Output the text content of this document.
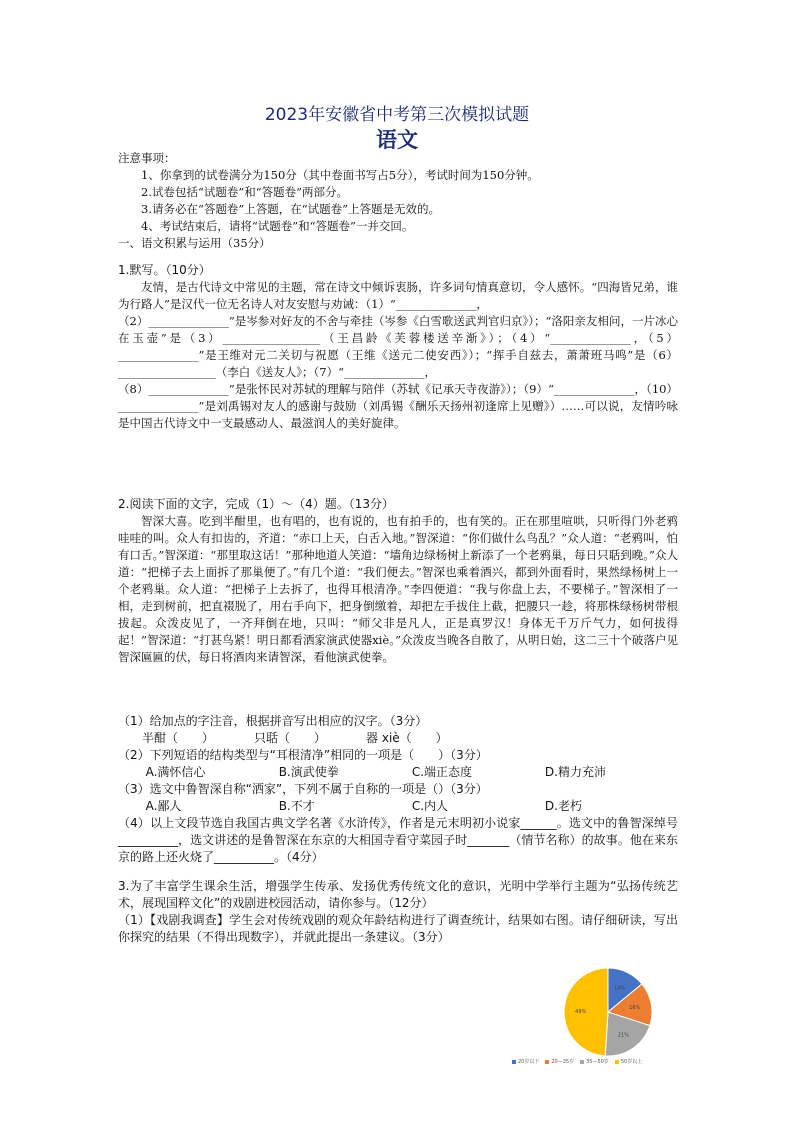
2023年安徽省中考第三次模拟试题
语文

注意事项：

1、你拿到的试卷满分为150分（其中卷面书写占5分），考试时间为150分钟。

2.试卷包括“试题卷”和“答题卷”两部分。

3.请务必在“答题卷”上答题，在“试题卷”上答题是无效的。

4、考试结束后，请将“试题卷”和“答题卷”一并交回。

一、语文积累与运用（35分）

1.默写。（10分）

友情，是古代诗文中常见的主题，常在诗文中倾诉衷肠，许多词句情真意切，令人感怀。“四海皆兄弟，谁为行路人”是汉代一位无名诗人对友安慰与劝诫：（1）“______________，

（2）______________”是岑参对好友的不舍与牵挂（岑参《白雪歌送武判官归京》）；“洛阳亲友相问，一片冰心在玉壶”是（3）_________________（王昌龄《芙蓉楼送辛渐》）；（4）“______________，（5）______________”是王维对元二关切与祝愿（王维《送元二使安西》）；“挥手自兹去，萧萧班马鸣”是（6）_________________（李白《送友人》；（7）“______________，

（8）______________”是张怀民对苏轼的理解与陪伴（苏轼《记承天寺夜游》）；（9）“______________，（10）______________”是刘禹锡对友人的感谢与鼓励（刘禹锡《酬乐天扬州初逢席上见赠》）……可以说，友情吟咏是中国古代诗文中一支最感动人、最滋润人的美好旋律。

2.阅读下面的文字，完成（1）～（4）题。（13分）

智深大喜。吃到半酣里，也有唱的，也有说的，也有拍手的，也有笑的。正在那里喧哄，只听得门外老鸦哇哇的叫。众人有扣齿的，齐道：“赤口上天，白舌入地。”智深道：“你们做什么鸟乱？”众人道：“老鸦叫，怕有口舌。”智深道：“那里取这话！”那种地道人笑道：“墙角边绿杨树上新添了一个老鸦巢，每日只聒到晚。”众人道：“把梯子去上面拆了那巢便了。”有几个道：“我们便去。”智深也乘着酒兴，都到外面看时，果然绿杨树上一个老鸦巢。众人道：“把梯子上去拆了，也得耳根清净。”李四便道：“我与你盘上去，不要梯子。”智深相了一相，走到树前，把直裰脱了，用右手向下，把身倒缴着，却把左手拔住上截，把腰只一趁，将那株绿杨树带根拔起。众泼皮见了，一齐拜倒在地，只叫：“师父非是凡人，正是真罗汉！身体无千万斤气力，如何拔得起！”智深道：“打甚鸟紧！明日都看洒家演武使器xiè。”众泼皮当晚各自散了，从明日始，这二三十个破落户见智深匾匾的伏，每日将酒肉来请智深，看他演武使拳。

（1）给加点的字注音，根据拼音写出相应的汉字。（3分）

半酣（　　）	只聒（　　）	器 xiè（　　）

（2）下列短语的结构类型与“耳根清净”相同的一项是（　　）（3分）

A.满怀信心	B.演武使拳	C.端正态度	D.精力充沛

（3）选文中鲁智深自称“洒家”，下列不属于自称的一项是（）（3分）

A.鄙人	B.不才	C.内人	D.老朽

（4）以上文段节选自我国古典文学名著《水浒传》，作者是元末明初小说家______。选文中的鲁智深绰号__________，选文讲述的是鲁智深在东京的大相国寺看守菜园子时_______（情节名称）的故事。他在来东京的路上还火烧了__________。（4分）

3.为了丰富学生课余生活，增强学生传承、发扬优秀传统文化的意识，光明中学举行主题为“弘扬传统艺术，展现国粹文化”的戏剧进校园活动，请你参与。（12分）

（1）【戏剧我调查】学生会对传统戏剧的观众年龄结构进行了调查统计，结果如右图。请仔细研读，写出你探究的结果（不得出现数字），并就此提出一条建议。（3分）

14%
16%
21%
49%
20岁以下	20—35岁	35—50岁	50岁以上
